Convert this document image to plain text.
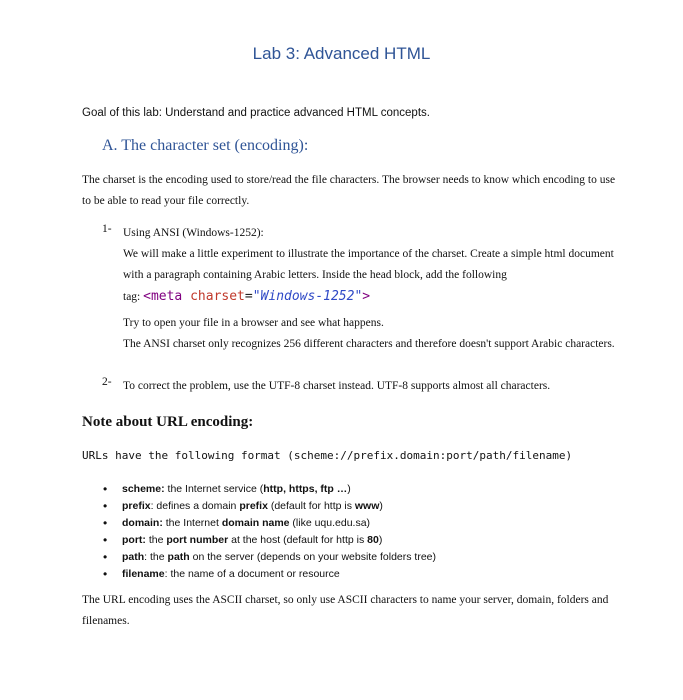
Lab 3: Advanced HTML
Goal of this lab: Understand and practice advanced HTML concepts.
A. The character set (encoding):
The charset is the encoding used to store/read the file characters. The browser needs to know which encoding to use to be able to read your file correctly.
1- Using ANSI (Windows-1252):
We will make a little experiment to illustrate the importance of the charset. Create a simple html document with a paragraph containing Arabic letters. Inside the head block, add the following
tag: <meta charset="Windows-1252">
Try to open your file in a browser and see what happens.
The ANSI charset only recognizes 256 different characters and therefore doesn't support Arabic characters.
2- To correct the problem, use the UTF-8 charset instead. UTF-8 supports almost all characters.
Note about URL encoding:
URLs have the following format (scheme://prefix.domain:port/path/filename)
• scheme: the Internet service (http, https, ftp …)
• prefix: defines a domain prefix (default for http is www)
• domain: the Internet domain name (like uqu.edu.sa)
• port: the port number at the host (default for http is 80)
• path: the path on the server (depends on your website folders tree)
• filename: the name of a document or resource
The URL encoding uses the ASCII charset, so only use ASCII characters to name your server, domain, folders and filenames.
